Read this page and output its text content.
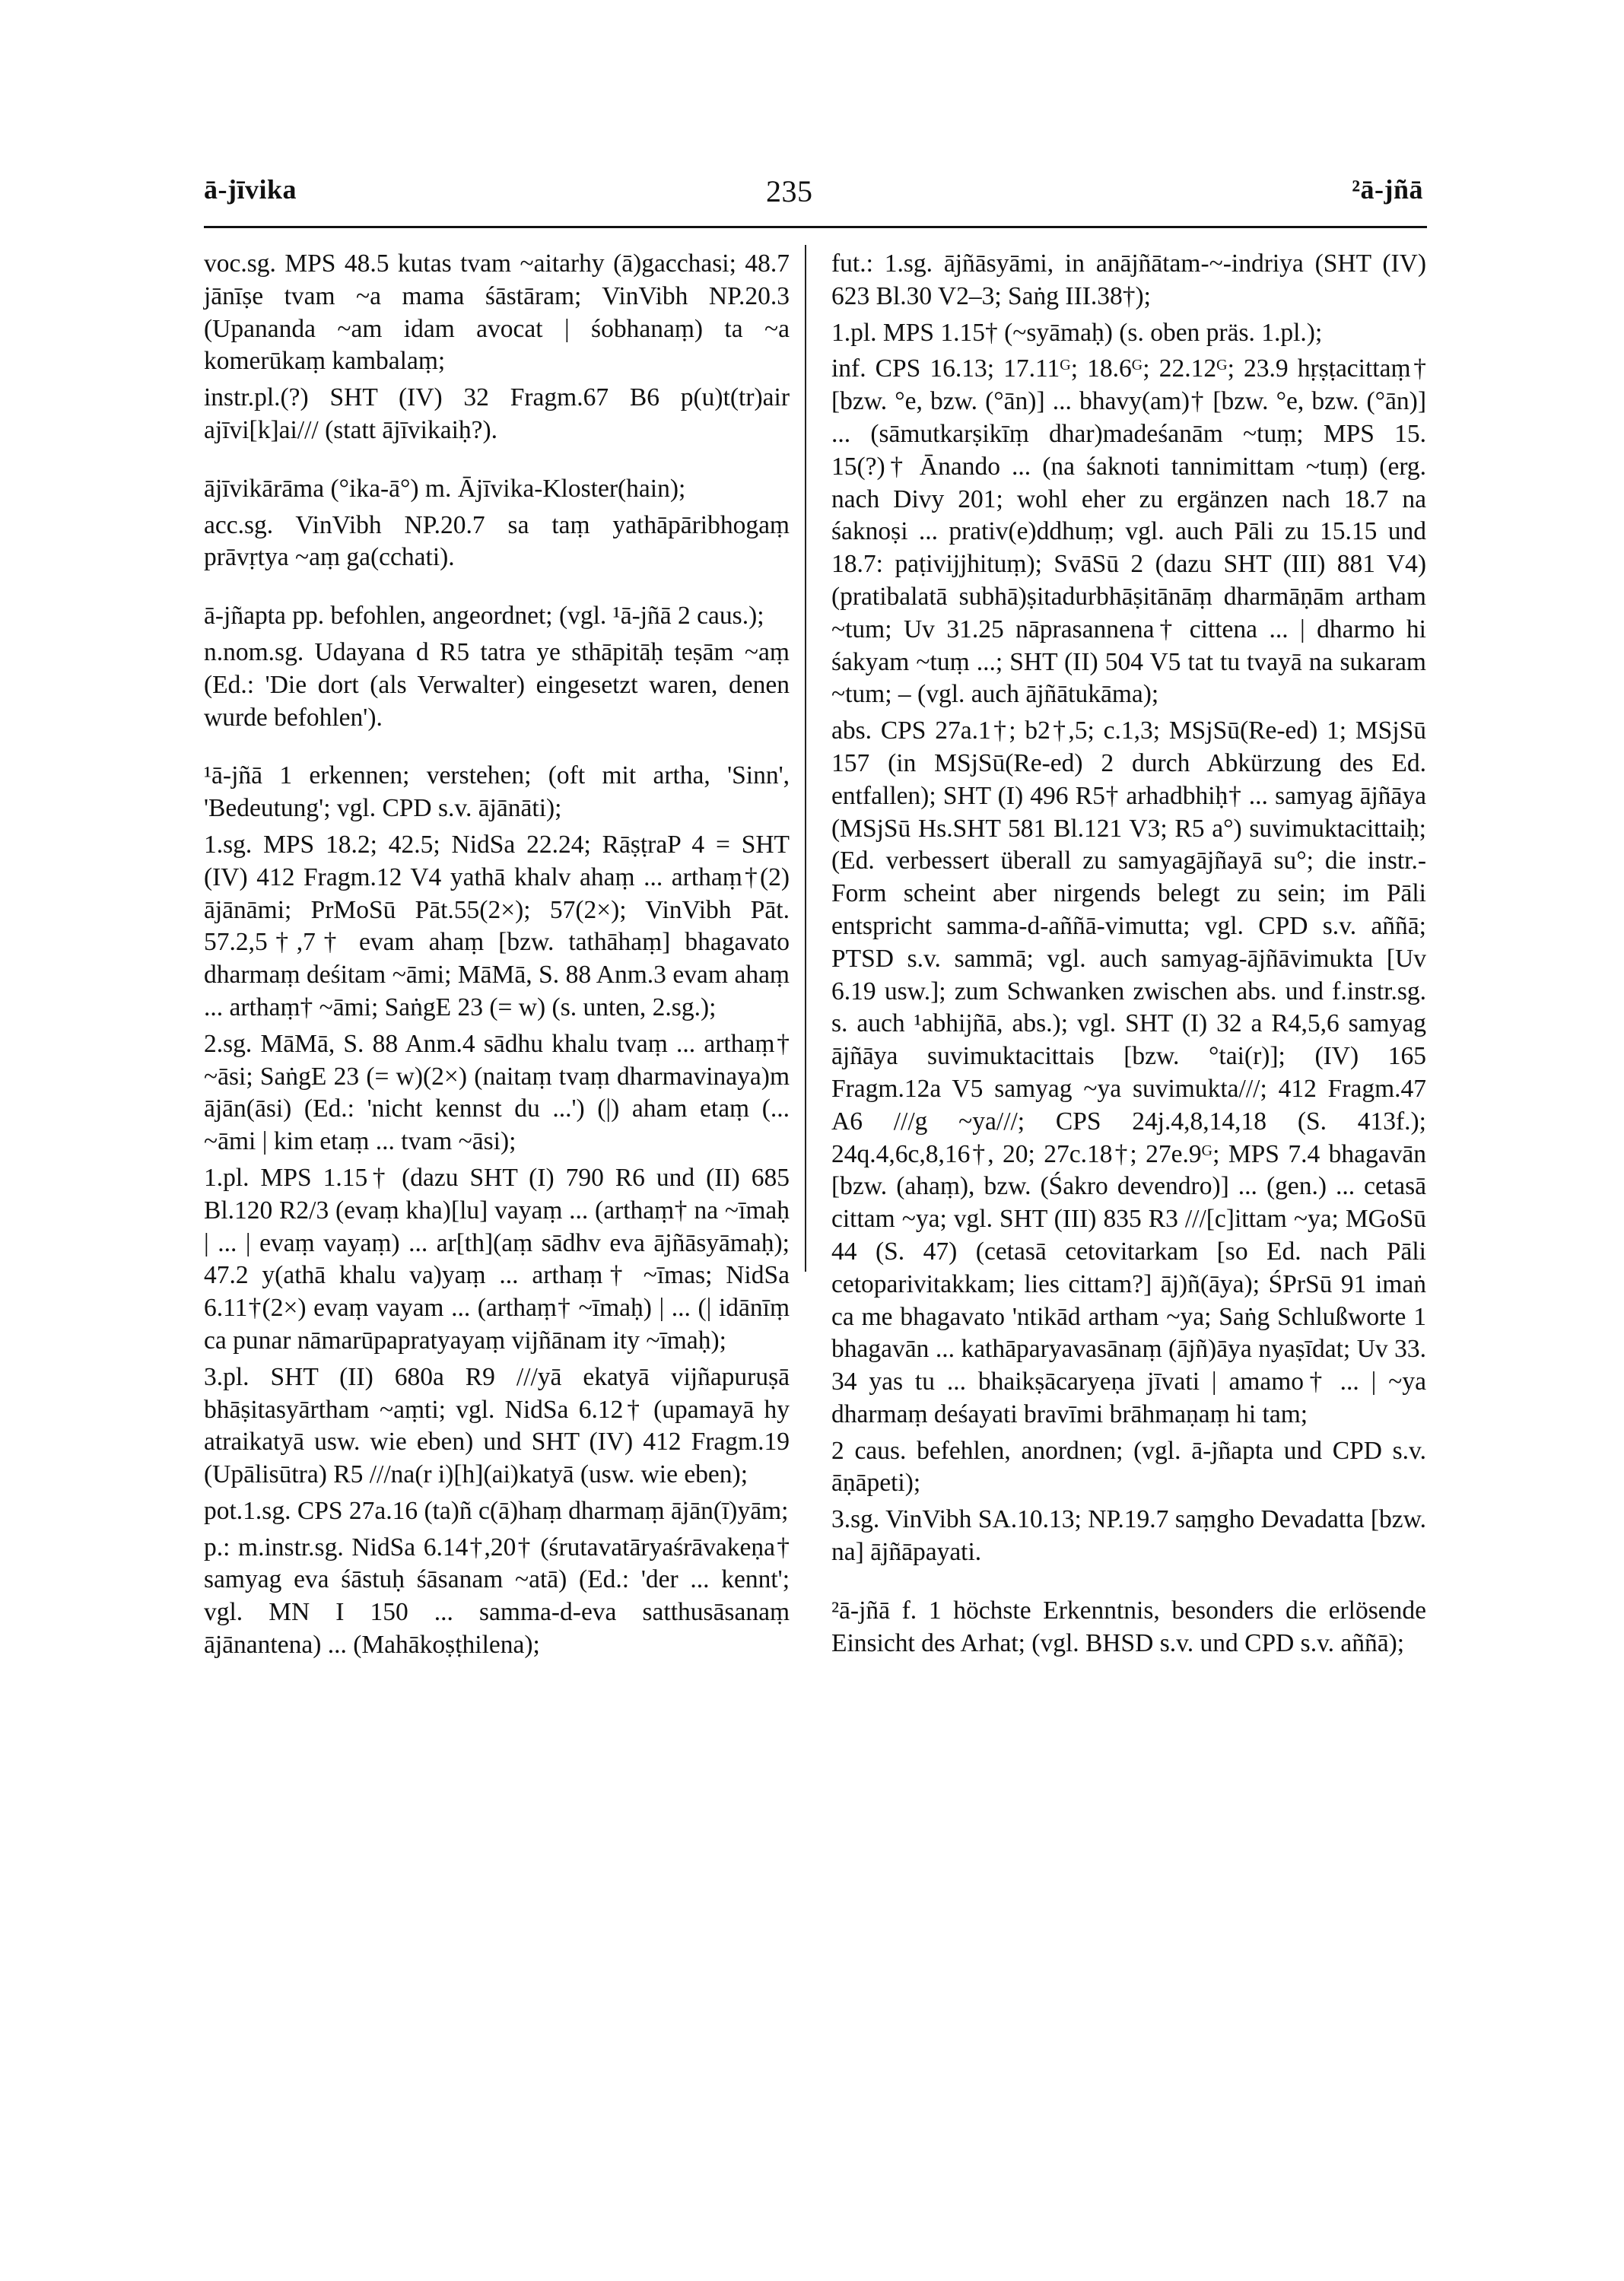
ā-jīvika	235	²ā-jñā

voc.sg. MPS 48.5 kutas tvam ~aitarhy (ā)gacchasi; 48.7 jānīṣe tvam ~a mama śāstāram; VinVibh NP.20.3 (Upananda ~am idam avocat | śobhanaṃ) ta ~a komerūkaṃ kambalaṃ;

instr.pl.(?) SHT (IV) 32 Fragm.67 B6 p(u)t(tr)air ajīvi[k]ai/// (statt ājīvikaiḥ?).

ājīvikārāma (°ika-ā°) m. Ājīvika-Kloster(hain);

acc.sg. VinVibh NP.20.7 sa taṃ yathāpāribhogaṃ prāvṛtya ~aṃ ga(cchati).

ā-jñapta pp. befohlen, angeordnet; (vgl. ¹ā-jñā 2 caus.);

n.nom.sg. Udayana d R5 tatra ye sthāpitāḥ teṣām ~aṃ (Ed.: 'Die dort (als Verwalter) eingesetzt waren, denen wurde befohlen').

¹ā-jñā 1 erkennen; verstehen; (oft mit artha, 'Sinn', 'Bedeutung'; vgl. CPD s.v. ājānāti);

1.sg. MPS 18.2; 42.5; NidSa 22.24; RāṣṭraP 4 = SHT (IV) 412 Fragm.12 V4 yathā khalv ahaṃ ... arthaṃ†(2) ājānāmi; PrMoSū Pāt.55(2×); 57(2×); VinVibh Pāt. 57.2,5†,7† evam ahaṃ [bzw. tathāhaṃ] bhagavato dharmaṃ deśitam ~āmi; MāMā, S. 88 Anm.3 evam ahaṃ ... arthaṃ† ~āmi; SaṅgE 23 (= w) (s. unten, 2.sg.);

2.sg. MāMā, S. 88 Anm.4 sādhu khalu tvaṃ ... arthaṃ† ~āsi; SaṅgE 23 (= w)(2×) (naitaṃ tvaṃ dharmavinaya)m ājān(āsi) (Ed.: 'nicht kennst du ...') (|) aham etaṃ (... ~āmi | kim etaṃ ... tvam ~āsi);

1.pl. MPS 1.15† (dazu SHT (I) 790 R6 und (II) 685 Bl.120 R2/3 (evaṃ kha)[lu] vayaṃ ... (arthaṃ† na ~īmaḥ | ... | evaṃ vayaṃ) ... ar[th](aṃ sādhv eva ājñāsyāmaḥ); 47.2 y(athā khalu va)yaṃ ... arthaṃ† ~īmas; NidSa 6.11†(2×) evaṃ vayam ... (arthaṃ† ~īmaḥ) | ... (| idānīṃ ca punar nāmarūpapratyayaṃ vijñānam ity ~īmaḥ);

3.pl. SHT (II) 680a R9 ///yā ekatyā vijñapuruṣā bhāṣitasyārtham ~aṃti; vgl. NidSa 6.12† (upamayā hy atraikatyā usw. wie eben) und SHT (IV) 412 Fragm.19 (Upālisūtra) R5 ///na(r i)[h](ai)katyā (usw. wie eben);

pot.1.sg. CPS 27a.16 (ta)ñ c(ā)haṃ dharmaṃ ājān(ī)yām;

p.: m.instr.sg. NidSa 6.14†,20† (śrutavatāryaśrāvakeṇa† samyag eva śāstuḥ śāsanam ~atā) (Ed.: 'der ... kennt'; vgl. MN I 150 ... samma-d-eva satthusāsanaṃ ājānantena) ... (Mahākoṣṭhilena);

fut.: 1.sg. ājñāsyāmi, in anājñātam-~-indriya (SHT (IV) 623 Bl.30 V2–3; Saṅg III.38†);

1.pl. MPS 1.15† (~syāmaḥ) (s. oben präs. 1.pl.);

inf. CPS 16.13; 17.11ᴳ; 18.6ᴳ; 22.12ᴳ; 23.9 hṛṣṭacittaṃ† [bzw. °e, bzw. (°ān)] ... bhavy(am)† [bzw. °e, bzw. (°ān)] ... (sāmutkarṣikīṃ dhar)madeśanām ~tuṃ; MPS 15. 15(?)† Ānando ... (na śaknoti tannimittam ~tuṃ) (erg. nach Divy 201; wohl eher zu ergänzen nach 18.7 na śaknoṣi ... prativ(e)ddhuṃ; vgl. auch Pāli zu 15.15 und 18.7: paṭivijjhituṃ); SvāSū 2 (dazu SHT (III) 881 V4) (pratibalatā subhā)ṣitadurbhāṣitānāṃ dharmāṇām artham ~tum; Uv 31.25 nāprasannena† cittena ... | dharmo hi śakyam ~tuṃ ...; SHT (II) 504 V5 tat tu tvayā na sukaram ~tum; – (vgl. auch ājñātukāma);

abs. CPS 27a.1†; b2†,5; c.1,3; MSjSū(Re-ed) 1; MSjSū 157 (in MSjSū(Re-ed) 2 durch Abkürzung des Ed. entfallen); SHT (I) 496 R5† arhadbhiḥ† ... samyag ājñāya (MSjSū Hs.SHT 581 Bl.121 V3; R5 a°) suvimuktacittaiḥ; (Ed. verbessert überall zu samyagājñayā su°; die instr.-Form scheint aber nirgends belegt zu sein; im Pāli entspricht samma-d-aññā-vimutta; vgl. CPD s.v. aññā; PTSD s.v. sammā; vgl. auch samyag-ājñāvimukta [Uv 6.19 usw.]; zum Schwanken zwischen abs. und f.instr.sg. s. auch ¹abhijñā, abs.); vgl. SHT (I) 32 a R4,5,6 samyag ājñāya suvimuktacittais [bzw. °tai(r)]; (IV) 165 Fragm.12a V5 samyag ~ya suvimukta///; 412 Fragm.47 A6 ///g ~ya///; CPS 24j.4,8,14,18 (S. 413f.); 24q.4,6c,8,16†, 20; 27c.18†; 27e.9ᴳ; MPS 7.4 bhagavān [bzw. (ahaṃ), bzw. (Śakro devendro)] ... (gen.) ... cetasā cittam ~ya; vgl. SHT (III) 835 R3 ///[c]ittam ~ya; MGoSū 44 (S. 47) (cetasā cetovitarkam [so Ed. nach Pāli cetoparivitakkam; lies cittam?] āj)ñ(āya); ŚPrSū 91 imaṅ ca me bhagavato 'ntikād artham ~ya; Saṅg Schlußworte 1 bhagavān ... kathāparyavasānaṃ (ājñ)āya nyaṣīdat; Uv 33. 34 yas tu ... bhaikṣācaryeṇa jīvati | amamo† ... | ~ya dharmaṃ deśayati bravīmi brāhmaṇaṃ hi tam;

2 caus. befehlen, anordnen; (vgl. ā-jñapta und CPD s.v. āṇāpeti);

3.sg. VinVibh SA.10.13; NP.19.7 saṃgho Devadatta [bzw. na] ājñāpayati.

²ā-jñā f. 1 höchste Erkenntnis, besonders die erlösende Einsicht des Arhat; (vgl. BHSD s.v. und CPD s.v. aññā);
